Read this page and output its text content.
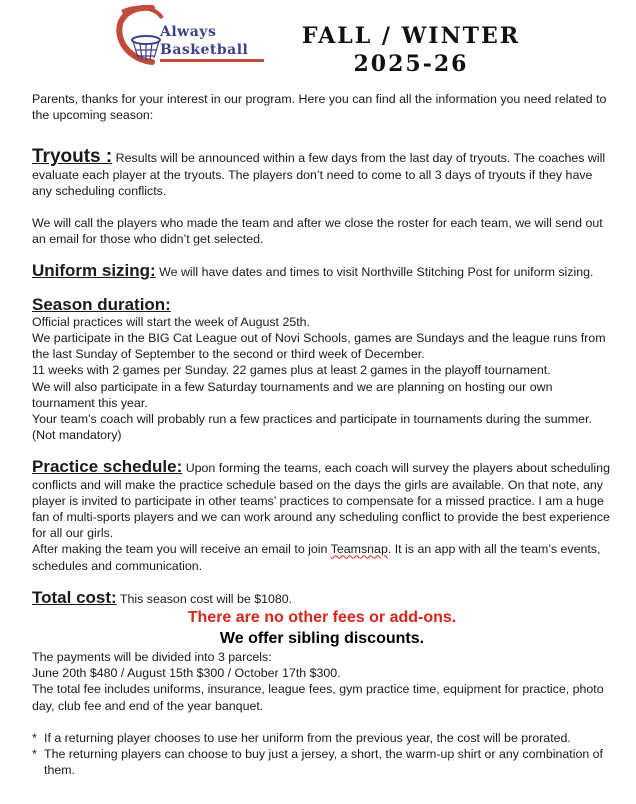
Always
Basketball
FALL / WINTER
2025-26

Parents, thanks for your interest in our program. Here you can find all the information you need related to the upcoming season:

Tryouts : Results will be announced within a few days from the last day of tryouts. The coaches will evaluate each player at the tryouts. The players don’t need to come to all 3 days of tryouts if they have any scheduling conflicts.

We will call the players who made the team and after we close the roster for each team, we will send out an email for those who didn’t get selected.

Uniform sizing: We will have dates and times to visit Northville Stitching Post for uniform sizing.

Season duration:

Official practices will start the week of August 25th.

We participate in the BIG Cat League out of Novi Schools, games are Sundays and the league runs from the last Sunday of September to the second or third week of December.

11 weeks with 2 games per Sunday. 22 games plus at least 2 games in the playoff tournament.

We will also participate in a few Saturday tournaments and we are planning on hosting our own tournament this year.

Your team’s coach will probably run a few practices and participate in tournaments during the summer. (Not mandatory)

Practice schedule: Upon forming the teams, each coach will survey the players about scheduling conflicts and will make the practice schedule based on the days the girls are available. On that note, any player is invited to participate in other teams’ practices to compensate for a missed practice. I am a huge fan of multi-sports players and we can work around any scheduling conflict to provide the best experience for all our girls.

After making the team you will receive an email to join Teamsnap. It is an app with all the team’s events, schedules and communication.

Total cost: This season cost will be $1080.

There are no other fees or add-ons.

We offer sibling discounts.

The payments will be divided into 3 parcels:

June 20th $480 / August 15th $300 / October 17th $300.

The total fee includes uniforms, insurance, league fees, gym practice time, equipment for practice, photo day, club fee and end of the year banquet.

* If a returning player chooses to use her uniform from the previous year, the cost will be prorated.
* The returning players can choose to buy just a jersey, a short, the warm-up shirt or any combination of them.
